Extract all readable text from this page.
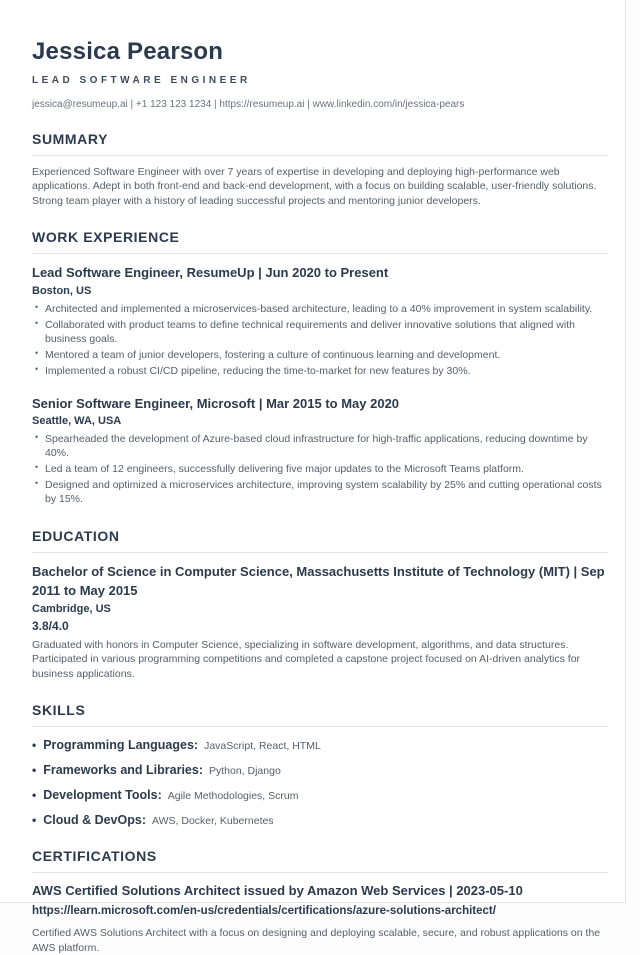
Jessica Pearson
LEAD SOFTWARE ENGINEER
jessica@resumeup.ai | +1 123 123 1234 | https://resumeup.ai | www.linkedin.com/in/jessica-pears
SUMMARY
Experienced Software Engineer with over 7 years of expertise in developing and deploying high-performance web applications. Adept in both front-end and back-end development, with a focus on building scalable, user-friendly solutions. Strong team player with a history of leading successful projects and mentoring junior developers.
WORK EXPERIENCE
Lead Software Engineer, ResumeUp | Jun 2020 to Present
Boston, US
• Architected and implemented a microservices-based architecture, leading to a 40% improvement in system scalability.
• Collaborated with product teams to define technical requirements and deliver innovative solutions that aligned with business goals.
• Mentored a team of junior developers, fostering a culture of continuous learning and development.
• Implemented a robust CI/CD pipeline, reducing the time-to-market for new features by 30%.
Senior Software Engineer, Microsoft | Mar 2015 to May 2020
Seattle, WA, USA
• Spearheaded the development of Azure-based cloud infrastructure for high-traffic applications, reducing downtime by 40%.
• Led a team of 12 engineers, successfully delivering five major updates to the Microsoft Teams platform.
• Designed and optimized a microservices architecture, improving system scalability by 25% and cutting operational costs by 15%.
EDUCATION
Bachelor of Science in Computer Science, Massachusetts Institute of Technology (MIT) | Sep 2011 to May 2015
Cambridge, US
3.8/4.0
Graduated with honors in Computer Science, specializing in software development, algorithms, and data structures. Participated in various programming competitions and completed a capstone project focused on AI-driven analytics for business applications.
SKILLS
• Programming Languages: JavaScript, React, HTML
• Frameworks and Libraries: Python, Django
• Development Tools: Agile Methodologies, Scrum
• Cloud & DevOps: AWS, Docker, Kubernetes
CERTIFICATIONS
AWS Certified Solutions Architect issued by Amazon Web Services | 2023-05-10
https://learn.microsoft.com/en-us/credentials/certifications/azure-solutions-architect/
Certified AWS Solutions Architect with a focus on designing and deploying scalable, secure, and robust applications on the AWS platform.
